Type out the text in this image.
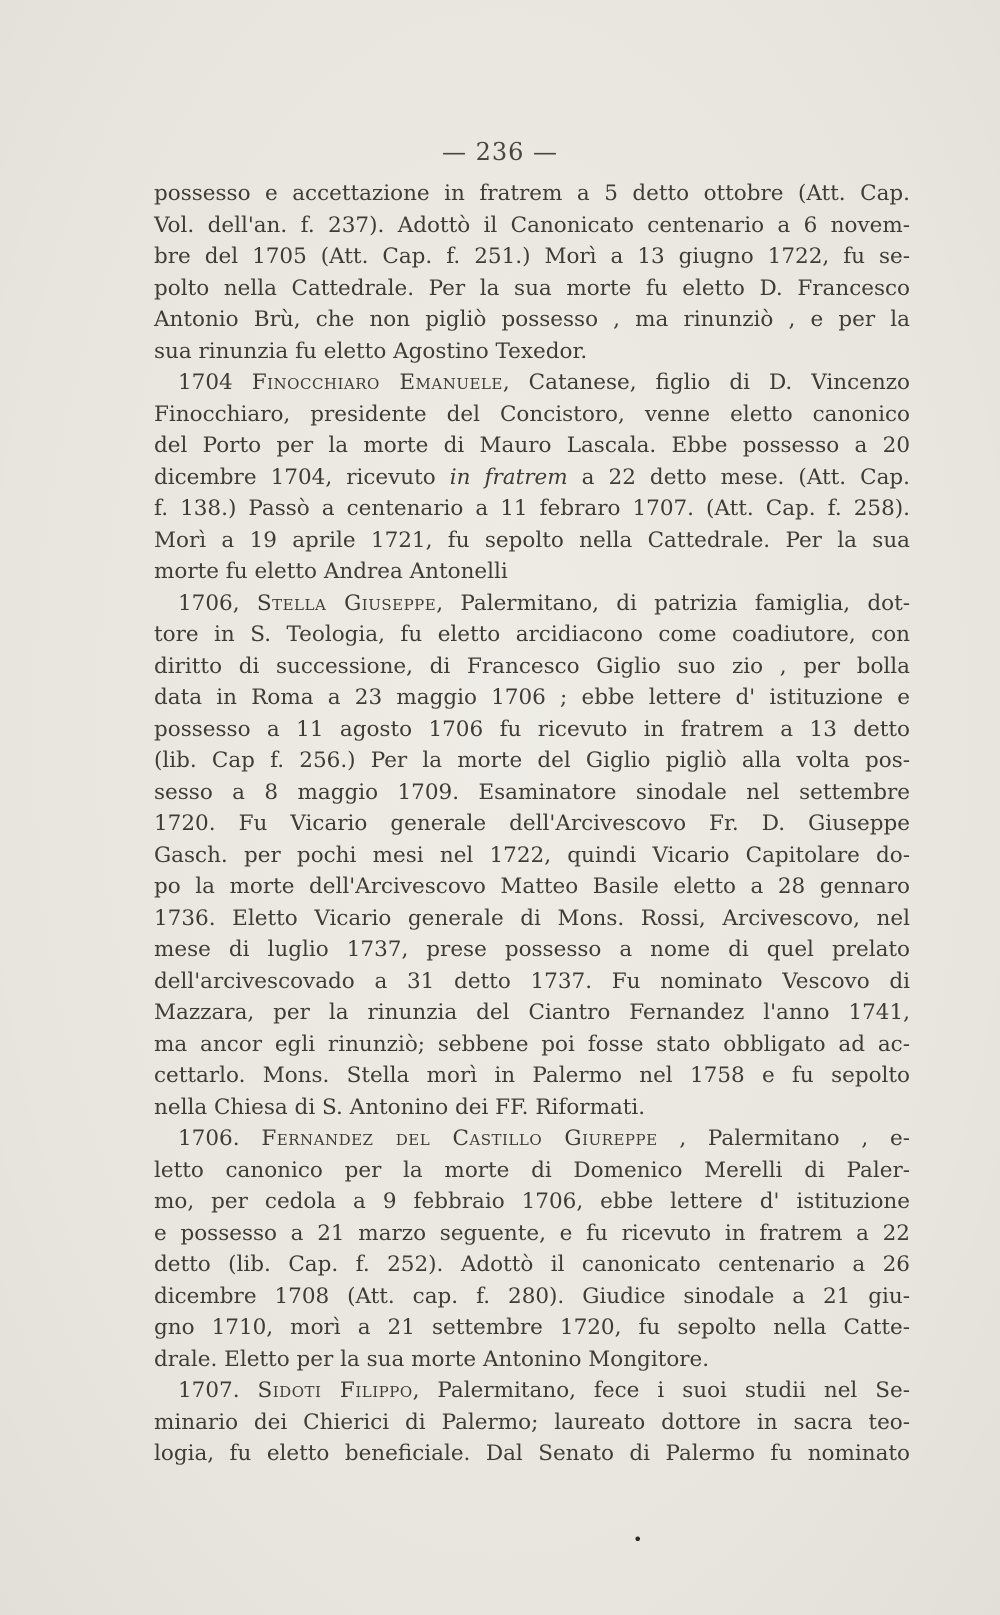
— 236 —
possesso e accettazione in fratrem a 5 detto ottobre (Att. Cap.
Vol. dell'an. f. 237). Adottò il Canonicato centenario a 6 novem-
bre del 1705 (Att. Cap. f. 251.) Morì a 13 giugno 1722, fu se-
polto nella Cattedrale. Per la sua morte fu eletto D. Francesco
Antonio Brù, che non pigliò possesso , ma rinunziò , e per la
sua rinunzia fu eletto Agostino Texedor.
1704 Finocchiaro Emanuele, Catanese, figlio di D. Vincenzo
Finocchiaro, presidente del Concistoro, venne eletto canonico
del Porto per la morte di Mauro Lascala. Ebbe possesso a 20
dicembre 1704, ricevuto in fratrem a 22 detto mese. (Att. Cap.
f. 138.) Passò a centenario a 11 febraro 1707. (Att. Cap. f. 258).
Morì a 19 aprile 1721, fu sepolto nella Cattedrale. Per la sua
morte fu eletto Andrea Antonelli
1706, Stella Giuseppe, Palermitano, di patrizia famiglia, dot-
tore in S. Teologia, fu eletto arcidiacono come coadiutore, con
diritto di successione, di Francesco Giglio suo zio , per bolla
data in Roma a 23 maggio 1706 ; ebbe lettere d' istituzione e
possesso a 11 agosto 1706 fu ricevuto in fratrem a 13 detto
(lib. Cap f. 256.) Per la morte del Giglio pigliò alla volta pos-
sesso a 8 maggio 1709. Esaminatore sinodale nel settembre
1720. Fu Vicario generale dell'Arcivescovo Fr. D. Giuseppe
Gasch. per pochi mesi nel 1722, quindi Vicario Capitolare do-
po la morte dell'Arcivescovo Matteo Basile eletto a 28 gennaro
1736. Eletto Vicario generale di Mons. Rossi, Arcivescovo, nel
mese di luglio 1737, prese possesso a nome di quel prelato
dell'arcivescovado a 31 detto 1737. Fu nominato Vescovo di
Mazzara, per la rinunzia del Ciantro Fernandez l'anno 1741,
ma ancor egli rinunziò; sebbene poi fosse stato obbligato ad ac-
cettarlo. Mons. Stella morì in Palermo nel 1758 e fu sepolto
nella Chiesa di S. Antonino dei FF. Riformati.
1706. Fernandez del Castillo Giureppe , Palermitano , e-
letto canonico per la morte di Domenico Merelli di Paler-
mo, per cedola a 9 febbraio 1706, ebbe lettere d' istituzione
e possesso a 21 marzo seguente, e fu ricevuto in fratrem a 22
detto (lib. Cap. f. 252). Adottò il canonicato centenario a 26
dicembre 1708 (Att. cap. f. 280). Giudice sinodale a 21 giu-
gno 1710, morì a 21 settembre 1720, fu sepolto nella Catte-
drale. Eletto per la sua morte Antonino Mongitore.
1707. Sidoti Filippo, Palermitano, fece i suoi studii nel Se-
minario dei Chierici di Palermo; laureato dottore in sacra teo-
logia, fu eletto beneficiale. Dal Senato di Palermo fu nominato
•
